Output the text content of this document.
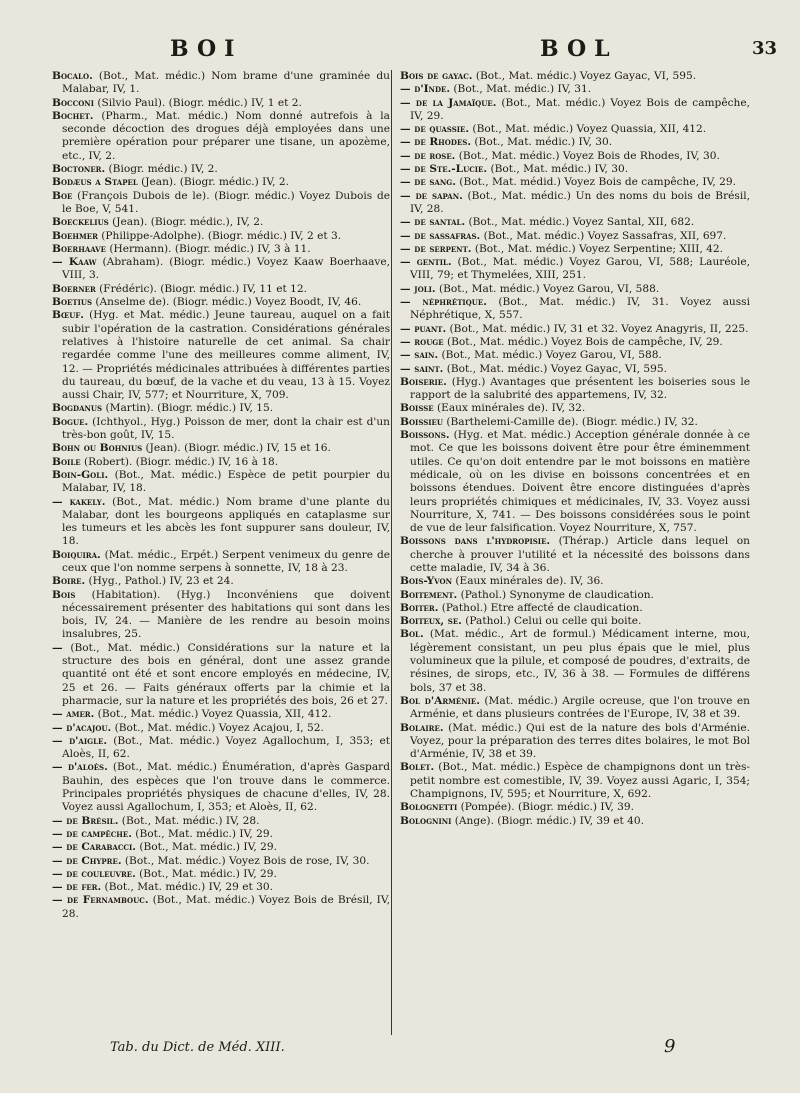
BOI	BOL	33

Bocalo. (Bot., Mat. médic.) Nom brame d'une graminée du Malabar, IV, 1.

Bocconi (Silvio Paul). (Biogr. médic.) IV, 1 et 2.

Bochet. (Pharm., Mat. médic.) Nom donné autrefois à la seconde décoction des drogues déjà employées dans une première opération pour préparer une tisane, un apozème, etc., IV, 2.

Boctoner. (Biogr. médic.) IV, 2.

Bodæus a Stapel (Jean). (Biogr. médic.) IV, 2.

Boe (François Dubois de le). (Biogr. médic.) Voyez Dubois de le Boe, V, 541.

Boeckelius (Jean). (Biogr. médic.), IV, 2.

Boehmer (Philippe-Adolphe). (Biogr. médic.) IV, 2 et 3.

Boerhaave (Hermann). (Biogr. médic.) IV, 3 à 11.

— Kaaw (Abraham). (Biogr. médic.) Voyez Kaaw Boerhaave, VIII, 3.

Boerner (Frédéric). (Biogr. médic.) IV, 11 et 12.

Boetius (Anselme de). (Biogr. médic.) Voyez Boodt, IV, 46.

Bœuf. (Hyg. et Mat. médic.) Jeune taureau, auquel on a fait subir l'opération de la castration. Considérations générales relatives à l'histoire naturelle de cet animal. Sa chair regardée comme l'une des meilleures comme aliment, IV, 12. — Propriétés médicinales attribuées à différentes parties du taureau, du bœuf, de la vache et du veau, 13 à 15. Voyez aussi Chair, IV, 577; et Nourriture, X, 709.

Bogdanus (Martin). (Biogr. médic.) IV, 15.

Bogue. (Ichthyol., Hyg.) Poisson de mer, dont la chair est d'un très-bon goût, IV, 15.

Bohn ou Bohnius (Jean). (Biogr. médic.) IV, 15 et 16.

Boile (Robert). (Biogr. médic.) IV, 16 à 18.

Boin-Goli. (Bot., Mat. médic.) Espèce de petit pourpier du Malabar, IV, 18.

— kakely. (Bot., Mat. médic.) Nom brame d'une plante du Malabar, dont les bourgeons appliqués en cataplasme sur les tumeurs et les abcès les font suppurer sans douleur, IV, 18.

Boiquira. (Mat. médic., Erpét.) Serpent venimeux du genre de ceux que l'on nomme serpens à sonnette, IV, 18 à 23.

Boire. (Hyg., Pathol.) IV, 23 et 24.

Bois (Habitation). (Hyg.) Inconvéniens que doivent nécessairement présenter des habitations qui sont dans les bois, IV, 24. — Manière de les rendre au besoin moins insalubres, 25.

— (Bot., Mat. médic.) Considérations sur la nature et la structure des bois en général, dont une assez grande quantité ont été et sont encore employés en médecine, IV, 25 et 26. — Faits généraux offerts par la chimie et la pharmacie, sur la nature et les propriétés des bois, 26 et 27.

— amer. (Bot., Mat. médic.) Voyez Quassia, XII, 412.

— d'acajou. (Bot., Mat. médic.) Voyez Acajou, I, 52.

— d'aigle. (Bot., Mat. médic.) Voyez Agallochum, I, 353; et Aloès, II, 62.

— d'aloès. (Bot., Mat. médic.) Énumération, d'après Gaspard Bauhin, des espèces que l'on trouve dans le commerce. Principales propriétés physiques de chacune d'elles, IV, 28. Voyez aussi Agallochum, I, 353; et Aloès, II, 62.

— de Brésil. (Bot., Mat. médic.) IV, 28.

— de campêche. (Bot., Mat. médic.) IV, 29.

— de Carabacci. (Bot., Mat. médic.) IV, 29.

— de Chypre. (Bot., Mat. médic.) Voyez Bois de rose, IV, 30.

— de couleuvre. (Bot., Mat. médic.) IV, 29.

— de fer. (Bot., Mat. médic.) IV, 29 et 30.

— de Fernambouc. (Bot., Mat. médic.) Voyez Bois de Brésil, IV, 28.

Bois de gayac. (Bot., Mat. médic.) Voyez Gayac, VI, 595.

— d'Inde. (Bot., Mat. médic.) IV, 31.

— de la Jamaïque. (Bot., Mat. médic.) Voyez Bois de campêche, IV, 29.

— de quassie. (Bot., Mat. médic.) Voyez Quassia, XII, 412.

— de Rhodes. (Bot., Mat. médic.) IV, 30.

— de rose. (Bot., Mat. médic.) Voyez Bois de Rhodes, IV, 30.

— de Ste.-Lucie. (Bot., Mat. médic.) IV, 30.

— de sang. (Bot., Mat. médid.) Voyez Bois de campêche, IV, 29.

— de sapan. (Bot., Mat. médic.) Un des noms du bois de Brésil, IV, 28.

— de santal. (Bot., Mat. médic.) Voyez Santal, XII, 682.

— de sassafras. (Bot., Mat. médic.) Voyez Sassafras, XII, 697.

— de serpent. (Bot., Mat. médic.) Voyez Serpentine; XIII, 42.

— gentil. (Bot., Mat. médic.) Voyez Garou, VI, 588; Lauréole, VIII, 79; et Thymelées, XIII, 251.

— joli. (Bot., Mat. médic.) Voyez Garou, VI, 588.

— néphrétique. (Bot., Mat. médic.) IV, 31. Voyez aussi Néphrétique, X, 557.

— puant. (Bot., Mat. médic.) IV, 31 et 32. Voyez Anagyris, II, 225.

— rouge (Bot., Mat. médic.) Voyez Bois de campêche, IV, 29.

— sain. (Bot., Mat. médic.) Voyez Garou, VI, 588.

— saint. (Bot., Mat. médic.) Voyez Gayac, VI, 595.

Boiserie. (Hyg.) Avantages que présentent les boiseries sous le rapport de la salubrité des appartemens, IV, 32.

Boisse (Eaux minérales de). IV, 32.

Boissieu (Barthelemi-Camille de). (Biogr. médic.) IV, 32.

Boissons. (Hyg. et Mat. médic.) Acception générale donnée à ce mot. Ce que les boissons doivent être pour être éminemment utiles. Ce qu'on doit entendre par le mot boissons en matière médicale, où on les divise en boissons concentrées et en boissons étendues. Doivent être encore distinguées d'après leurs propriétés chimiques et médicinales, IV, 33. Voyez aussi Nourriture, X, 741. — Des boissons considérées sous le point de vue de leur falsification. Voyez Nourriture, X, 757.

Boissons dans l'hydropisie. (Thérap.) Article dans lequel on cherche à prouver l'utilité et la nécessité des boissons dans cette maladie, IV, 34 à 36.

Bois-Yvon (Eaux minérales de). IV, 36.

Boitement. (Pathol.) Synonyme de claudication.

Boiter. (Pathol.) Etre affecté de claudication.

Boiteux, se. (Pathol.) Celui ou celle qui boite.

Bol. (Mat. médic., Art de formul.) Médicament interne, mou, légèrement consistant, un peu plus épais que le miel, plus volumineux que la pilule, et composé de poudres, d'extraits, de résines, de sirops, etc., IV, 36 à 38. — Formules de différens bols, 37 et 38.

Bol d'Arménie. (Mat. médic.) Argile ocreuse, que l'on trouve en Arménie, et dans plusieurs contrées de l'Europe, IV, 38 et 39.

Bolaire. (Mat. médic.) Qui est de la nature des bols d'Arménie. Voyez, pour la préparation des terres dites bolaires, le mot Bol d'Arménie, IV, 38 et 39.

Bolet. (Bot., Mat. médic.) Espèce de champignons dont un très-petit nombre est comestible, IV, 39. Voyez aussi Agaric, I, 354; Champignons, IV, 595; et Nourriture, X, 692.

Bolognetti (Pompée). (Biogr. médic.) IV, 39.

Bolognini (Ange). (Biogr. médic.) IV, 39 et 40.

Tab. du Dict. de Méd. XIII.	9
